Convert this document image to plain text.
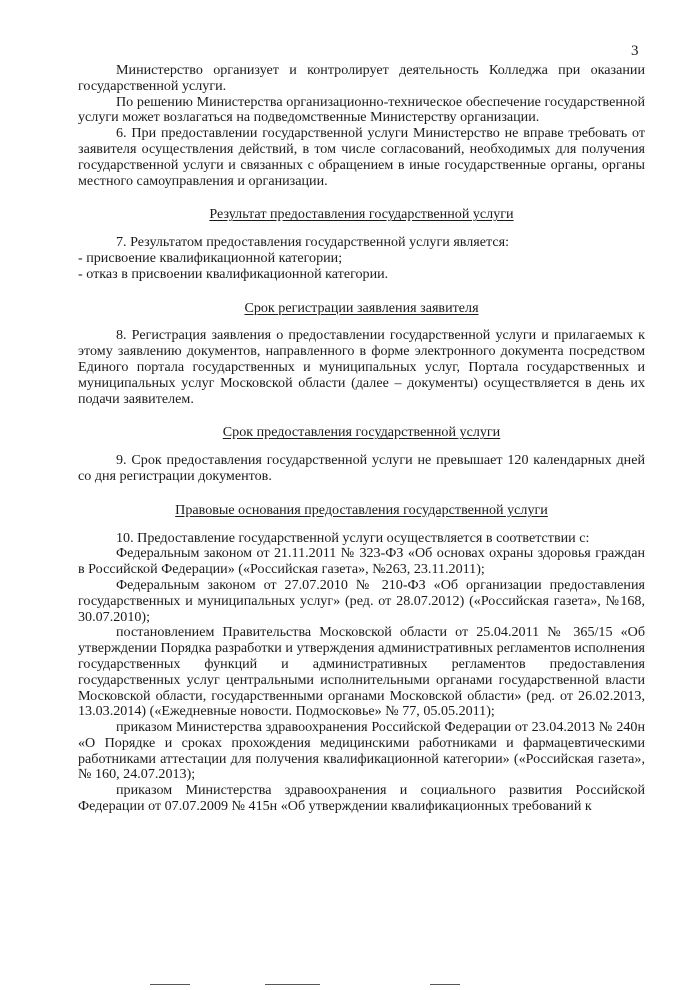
3

Министерство организует и контролирует деятельность Колледжа при оказании государственной услуги.

По решению Министерства организационно-техническое обеспечение государственной услуги может возлагаться на подведомственные Министерству организации.

6. При предоставлении государственной услуги Министерство не вправе требовать от заявителя осуществления действий, в том числе согласований, необходимых для получения государственной услуги и связанных с обращением в иные государственные органы, органы местного самоуправления и организации.

Результат предоставления государственной услуги

7. Результатом предоставления государственной услуги является:

- присвоение квалификационной категории;

- отказ в присвоении квалификационной категории.

Срок регистрации заявления заявителя

8. Регистрация заявления о предоставлении государственной услуги и прилагаемых к этому заявлению документов, направленного в форме электронного документа посредством Единого портала государственных и муниципальных услуг, Портала государственных и муниципальных услуг Московской области (далее – документы) осуществляется в день их подачи заявителем.

Срок предоставления государственной услуги

9. Срок предоставления государственной услуги не превышает 120 календарных дней со дня регистрации документов.

Правовые основания предоставления государственной услуги

10. Предоставление государственной услуги осуществляется в соответствии с:

Федеральным законом от 21.11.2011 № 323-ФЗ «Об основах охраны здоровья граждан в Российской Федерации» («Российская газета», №263, 23.11.2011);

Федеральным законом от 27.07.2010 № 210-ФЗ «Об организации предоставления государственных и муниципальных услуг» (ред. от 28.07.2012) («Российская газета», №168, 30.07.2010);

постановлением Правительства Московской области от 25.04.2011 № 365/15 «Об утверждении Порядка разработки и утверждения административных регламентов исполнения государственных функций и административных регламентов предоставления государственных услуг центральными исполнительными органами государственной власти Московской области, государственными органами Московской области» (ред. от 26.02.2013, 13.03.2014) («Ежедневные новости. Подмосковье» № 77, 05.05.2011);

приказом Министерства здравоохранения Российской Федерации от 23.04.2013 № 240н «О Порядке и сроках прохождения медицинскими работниками и фармацевтическими работниками аттестации для получения квалификационной категории» («Российская газета», № 160, 24.07.2013);

приказом Министерства здравоохранения и социального развития Российской Федерации от 07.07.2009 № 415н «Об утверждении квалификационных требований к
